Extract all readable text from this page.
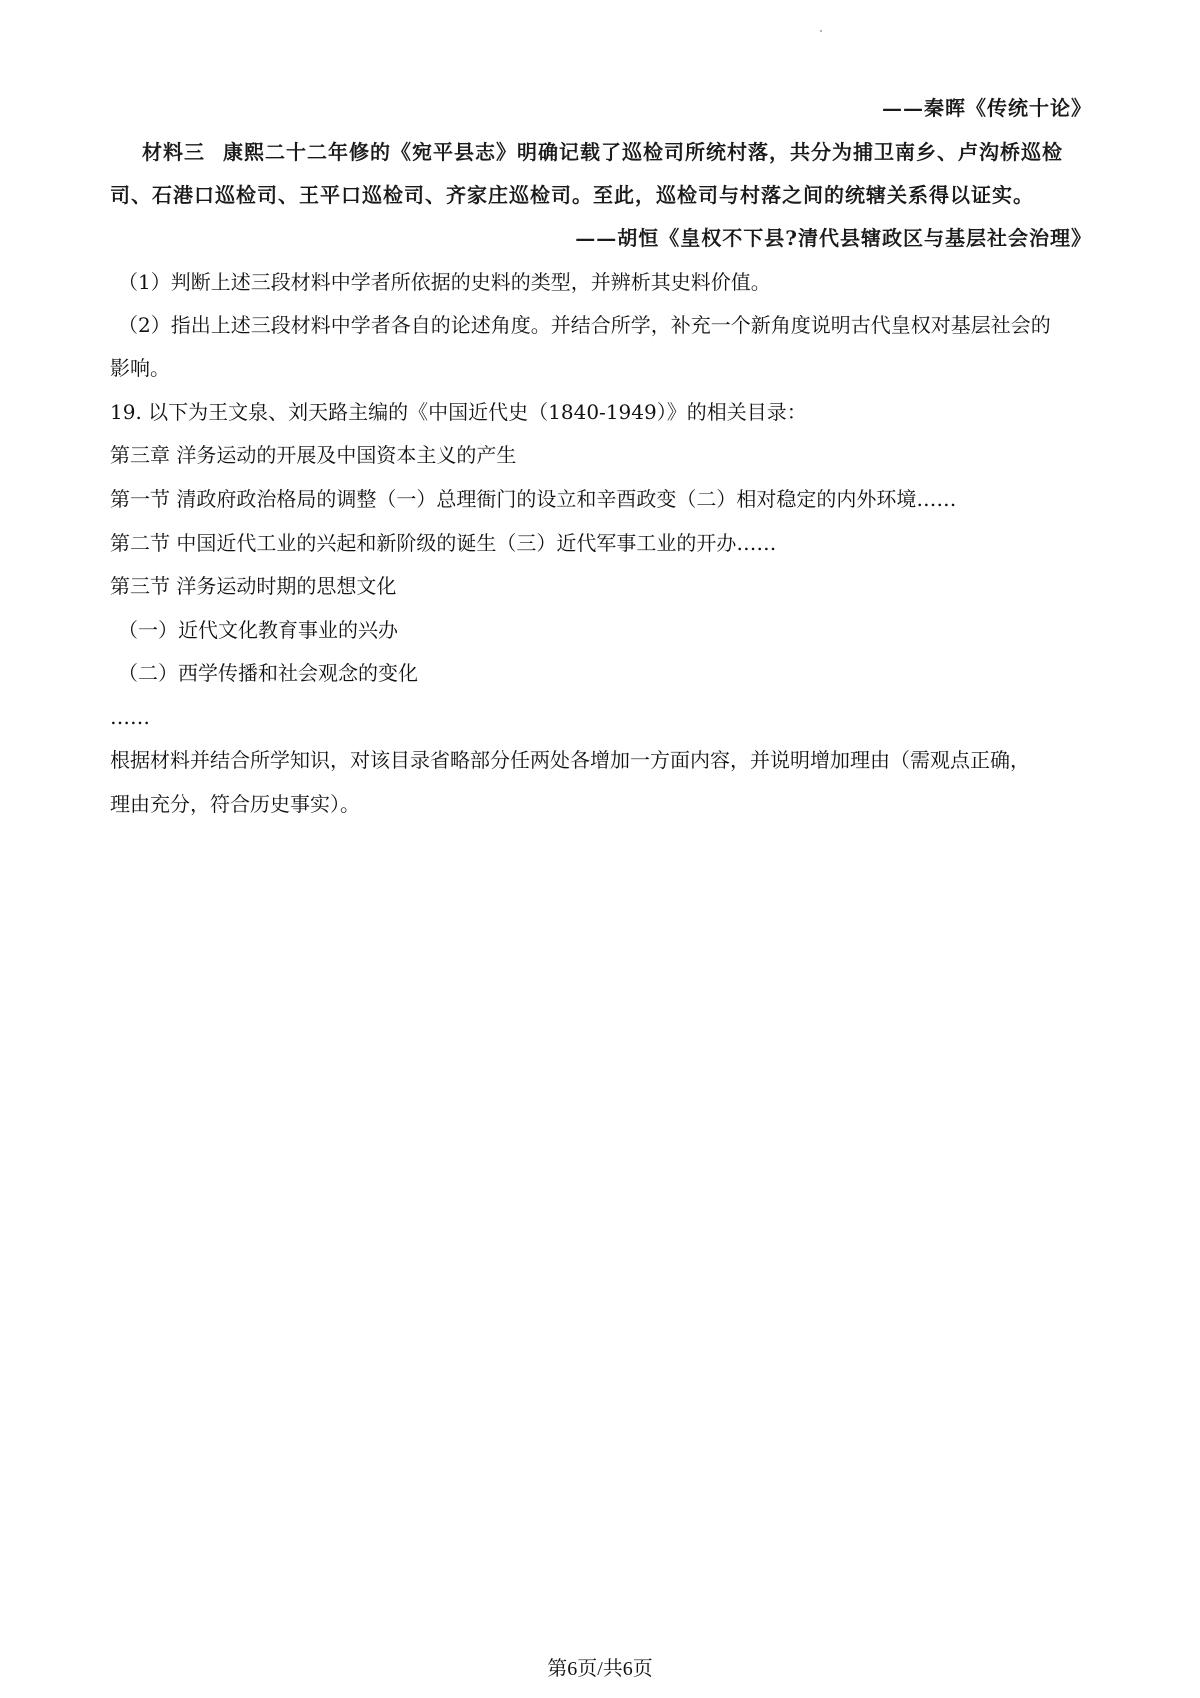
——秦晖《传统十论》
材料三 康熙二十二年修的《宛平县志》明确记载了巡检司所统村落，共分为捕卫南乡、卢沟桥巡检
司、石港口巡检司、王平口巡检司、齐家庄巡检司。至此，巡检司与村落之间的统辖关系得以证实。
——胡恒《皇权不下县?清代县辖政区与基层社会治理》
（1）判断上述三段材料中学者所依据的史料的类型，并辨析其史料价值。
（2）指出上述三段材料中学者各自的论述角度。并结合所学，补充一个新角度说明古代皇权对基层社会的
影响。
19. 以下为王文泉、刘天路主编的《中国近代史（1840-1949）》的相关目录：
第三章 洋务运动的开展及中国资本主义的产生
第一节 清政府政治格局的调整（一）总理衙门的设立和辛酉政变（二）相对稳定的内外环境……
第二节 中国近代工业的兴起和新阶级的诞生（三）近代军事工业的开办……
第三节 洋务运动时期的思想文化
（一）近代文化教育事业的兴办
（二）西学传播和社会观念的变化
……
根据材料并结合所学知识，对该目录省略部分任两处各增加一方面内容，并说明增加理由（需观点正确，
理由充分，符合历史事实）。
第6页/共6页
